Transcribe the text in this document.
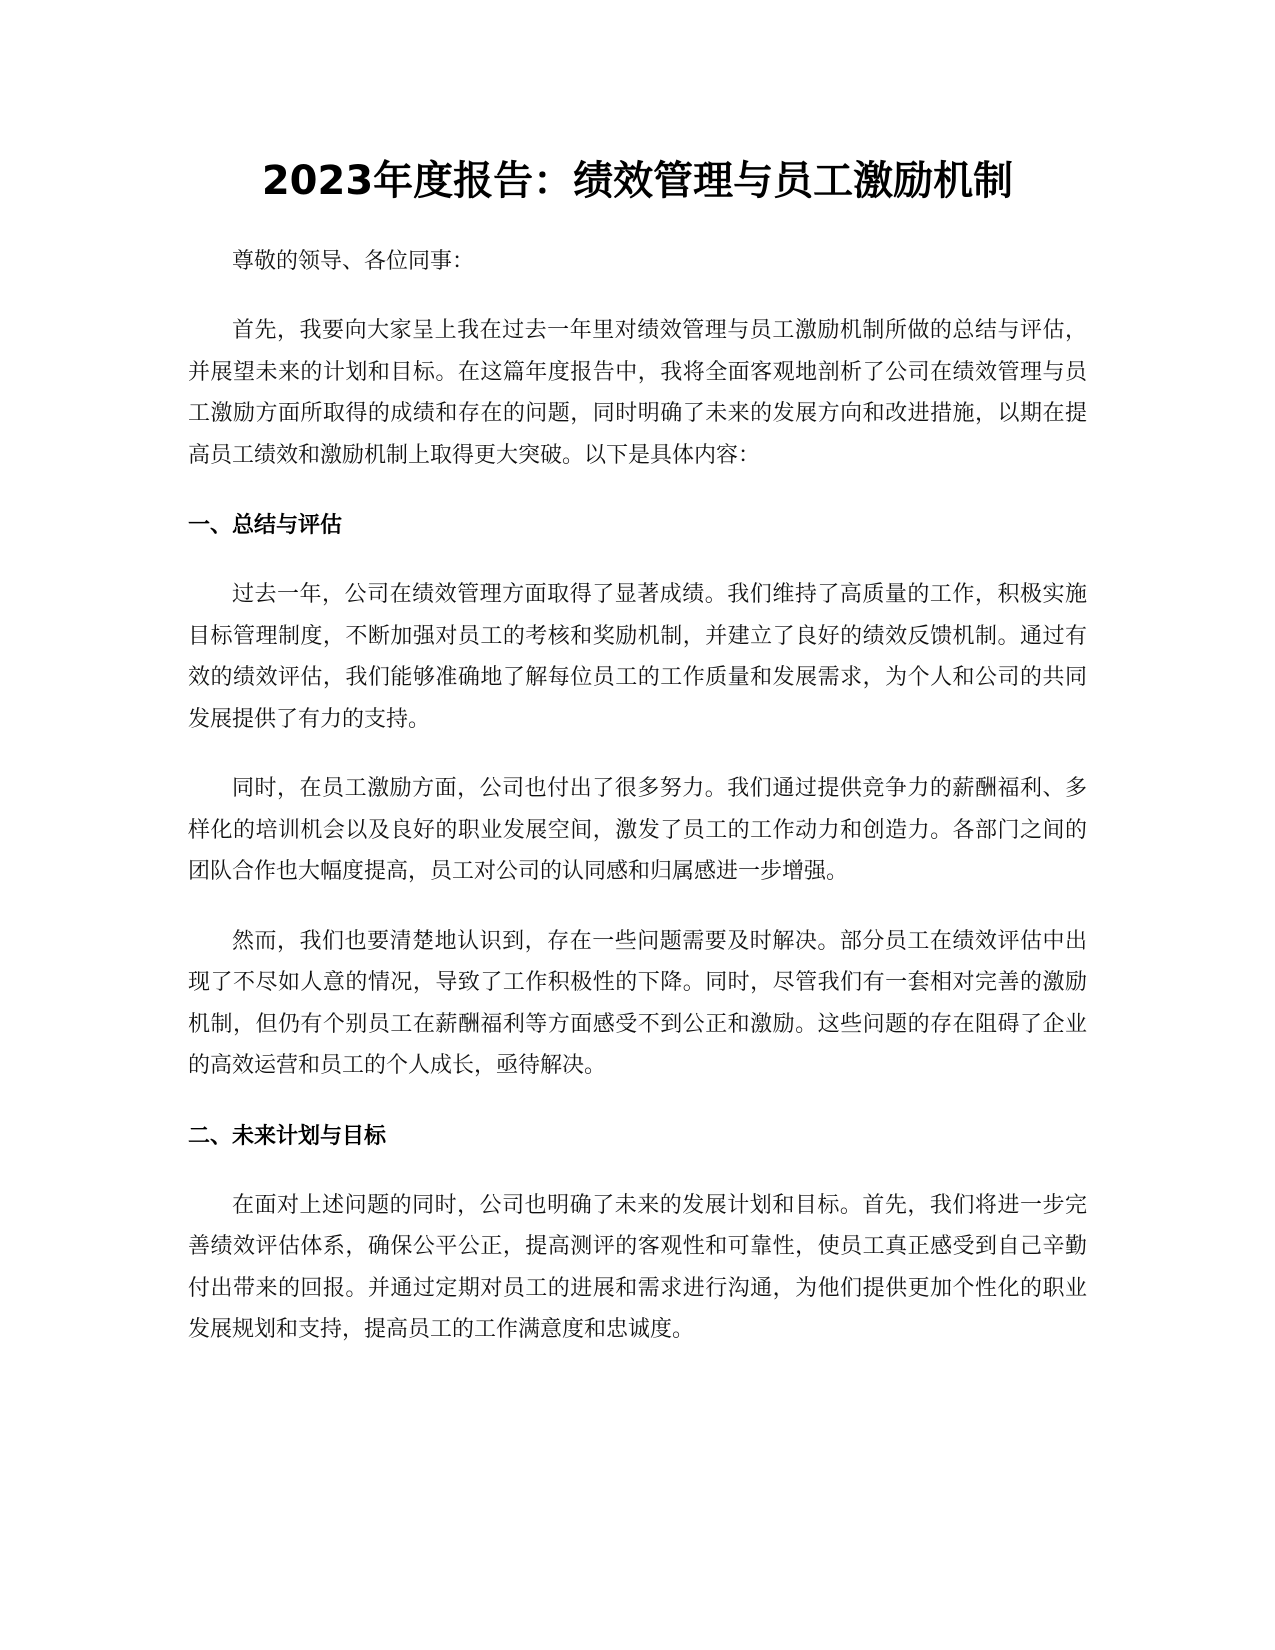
2023年度报告：绩效管理与员工激励机制

尊敬的领导、各位同事：

首先，我要向大家呈上我在过去一年里对绩效管理与员工激励机制所做的总结与评估，并展望未来的计划和目标。在这篇年度报告中，我将全面客观地剖析了公司在绩效管理与员工激励方面所取得的成绩和存在的问题，同时明确了未来的发展方向和改进措施，以期在提高员工绩效和激励机制上取得更大突破。以下是具体内容：

一、总结与评估

过去一年，公司在绩效管理方面取得了显著成绩。我们维持了高质量的工作，积极实施目标管理制度，不断加强对员工的考核和奖励机制，并建立了良好的绩效反馈机制。通过有效的绩效评估，我们能够准确地了解每位员工的工作质量和发展需求，为个人和公司的共同发展提供了有力的支持。

同时，在员工激励方面，公司也付出了很多努力。我们通过提供竞争力的薪酬福利、多样化的培训机会以及良好的职业发展空间，激发了员工的工作动力和创造力。各部门之间的团队合作也大幅度提高，员工对公司的认同感和归属感进一步增强。

然而，我们也要清楚地认识到，存在一些问题需要及时解决。部分员工在绩效评估中出现了不尽如人意的情况，导致了工作积极性的下降。同时，尽管我们有一套相对完善的激励机制，但仍有个别员工在薪酬福利等方面感受不到公正和激励。这些问题的存在阻碍了企业的高效运营和员工的个人成长，亟待解决。

二、未来计划与目标

在面对上述问题的同时，公司也明确了未来的发展计划和目标。首先，我们将进一步完善绩效评估体系，确保公平公正，提高测评的客观性和可靠性，使员工真正感受到自己辛勤付出带来的回报。并通过定期对员工的进展和需求进行沟通，为他们提供更加个性化的职业发展规划和支持，提高员工的工作满意度和忠诚度。
